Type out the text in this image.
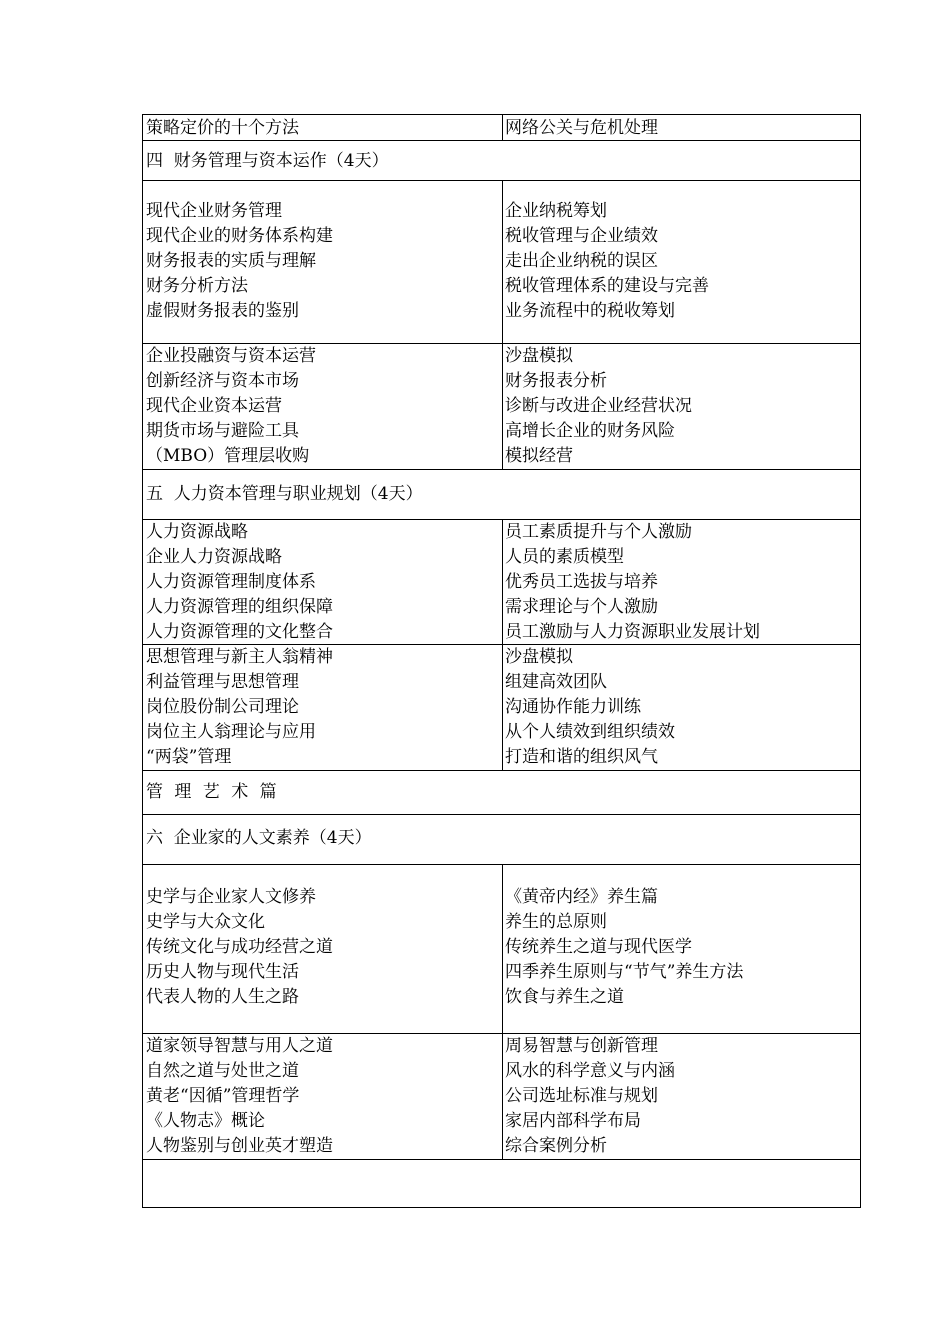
策略定价的十个方法	网络公关与危机处理
四  财务管理与资本运作（4天）
现代企业财务管理
现代企业的财务体系构建
财务报表的实质与理解
财务分析方法
虚假财务报表的鉴别
企业纳税筹划
税收管理与企业绩效
走出企业纳税的误区
税收管理体系的建设与完善
业务流程中的税收筹划
企业投融资与资本运营
创新经济与资本市场
现代企业资本运营
期货市场与避险工具
（MBO）管理层收购
沙盘模拟
财务报表分析
诊断与改进企业经营状况
高增长企业的财务风险
模拟经营
五  人力资本管理与职业规划（4天）
人力资源战略
企业人力资源战略
人力资源管理制度体系
人力资源管理的组织保障
人力资源管理的文化整合
员工素质提升与个人激励
人员的素质模型
优秀员工选拔与培养
需求理论与个人激励
员工激励与人力资源职业发展计划
思想管理与新主人翁精神
利益管理与思想管理
岗位股份制公司理论
岗位主人翁理论与应用
“两袋”管理
沙盘模拟
组建高效团队
沟通协作能力训练
从个人绩效到组织绩效
打造和谐的组织风气
管 理 艺 术 篇
六  企业家的人文素养（4天）
史学与企业家人文修养
史学与大众文化
传统文化与成功经营之道
历史人物与现代生活
代表人物的人生之路
《黄帝内经》养生篇
养生的总原则
传统养生之道与现代医学
四季养生原则与“节气”养生方法
饮食与养生之道
道家领导智慧与用人之道
自然之道与处世之道
黄老“因循”管理哲学
《人物志》概论
人物鉴别与创业英才塑造
周易智慧与创新管理
风水的科学意义与内涵
公司选址标准与规划
家居内部科学布局
综合案例分析
